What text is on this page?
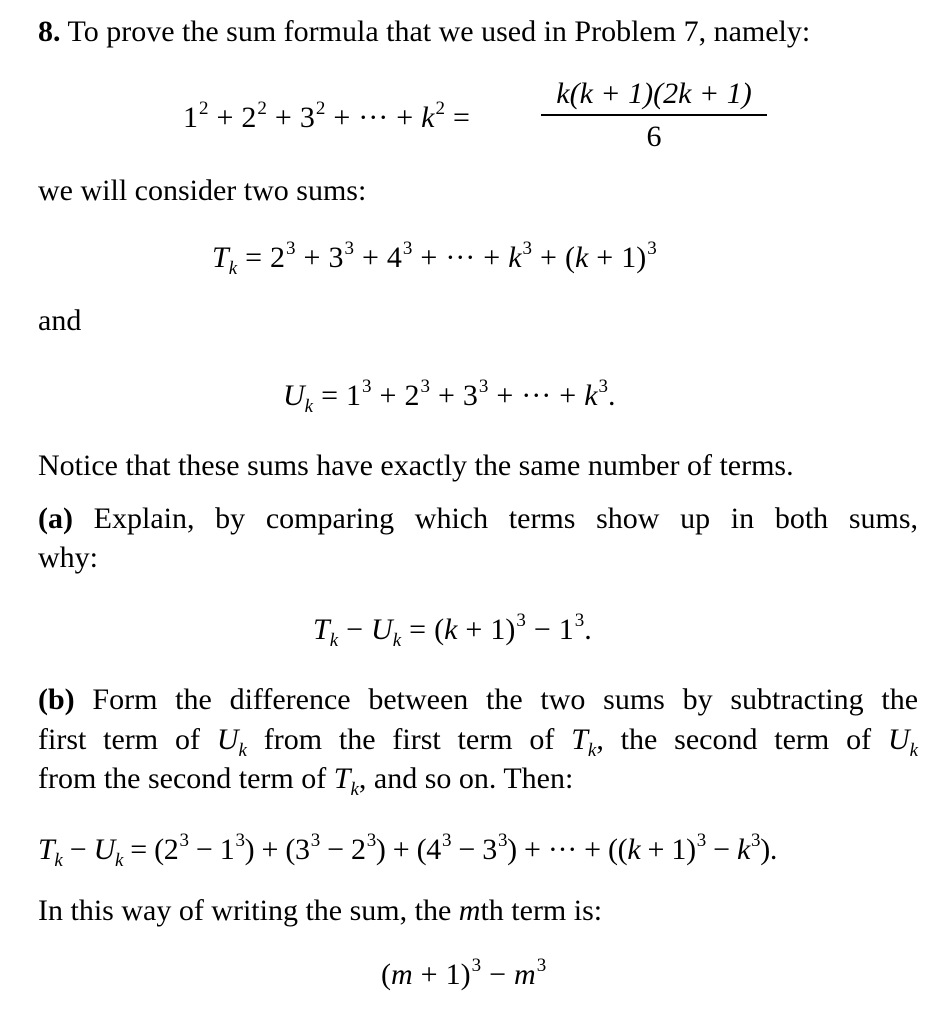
8. To prove the sum formula that we used in Problem 7, namely:
$1^2 + 2^2 + 3^2$ + ··· + $k^2$ =
k(k + 1)(2k + 1)
6
we will consider two sums:
$T_k = 2^3 + 3^3 + 4^3$ + ··· + $k^3 + (k + 1)^3$
and
$U_k = 1^3 + 2^3 + 3^3$ + ··· + $k^3$.
Notice that these sums have exactly the same number of terms.
(a) Explain, by comparing which terms show up in both sums,
why:
$T_k - U_k = (k + 1)^3 - 1^3$.
(b) Form the difference between the two sums by subtracting the
first term of $U_k$ from the first term of $T_k$, the second term of $U_k$
from the second term of $T_k$, and so on. Then:
$T_k - U_k = (2^3 - 1^3) + (3^3 - 2^3) + (4^3 - 3^3)$ + ··· + $((k + 1)^3 - k^3)$.
In this way of writing the sum, the mth term is:
$(m + 1)^3 - m^3$
